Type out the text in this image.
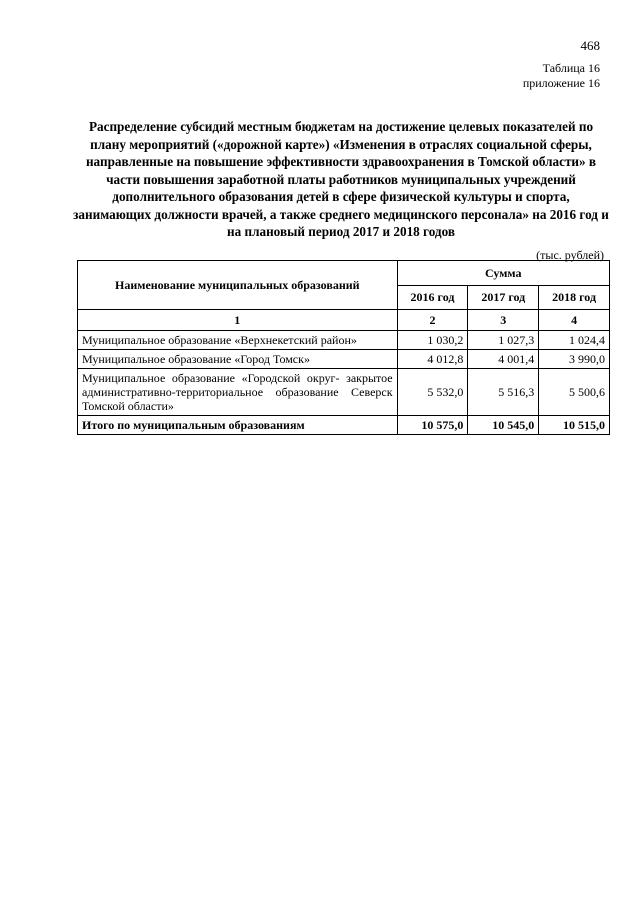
468
Таблица 16
приложение 16
Распределение субсидий местным бюджетам на достижение целевых показателей по плану мероприятий («дорожной карте») «Изменения в отраслях социальной сферы, направленные на повышение эффективности здравоохранения в Томской области» в части повышения заработной платы работников муниципальных учреждений дополнительного образования детей в сфере физической культуры и спорта, занимающих должности врачей, а также среднего медицинского персонала» на 2016 год и на плановый период 2017 и 2018 годов
(тыс. рублей)
Наименование муниципальных образований	Сумма		
	2016 год	2017 год	2018 год
1	2	3	4
Муниципальное образование «Верхнекетский район»	1 030,2	1 027,3	1 024,4
Муниципальное образование «Город Томск»	4 012,8	4 001,4	3 990,0
Муниципальное образование «Городской округ- закрытое административно-территориальное образование Северск Томской области»	5 532,0	5 516,3	5 500,6
Итого по муниципальным образованиям	10 575,0	10 545,0	10 515,0
